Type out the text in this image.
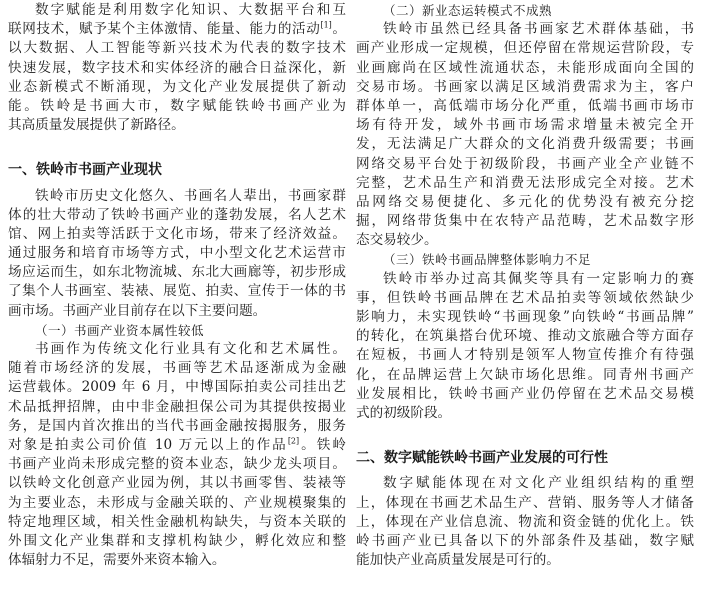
数字赋能是利用数字化知识、大数据平台和互
联网技术，赋予某个主体激情、能量、能力的活动[1]。
以大数据、人工智能等新兴技术为代表的数字技术
快速发展，数字技术和实体经济的融合日益深化，新
业态新模式不断涌现，为文化产业发展提供了新动
能。铁岭是书画大市，数字赋能铁岭书画产业为
其高质量发展提供了新路径。
一、铁岭市书画产业现状
铁岭市历史文化悠久、书画名人辈出，书画家群
体的壮大带动了铁岭书画产业的蓬勃发展，名人艺术
馆、网上拍卖等活跃于文化市场，带来了经济效益。
通过服务和培育市场等方式，中小型文化艺术运营市
场应运而生，如东北物流城、东北大画廊等，初步形成
了集个人书画室、装裱、展览、拍卖、宣传于一体的书
画市场。书画产业目前存在以下主要问题。
（一）书画产业资本属性较低
书画作为传统文化行业具有文化和艺术属性。
随着市场经济的发展，书画等艺术品逐渐成为金融
运营载体。2009 年 6 月，中博国际拍卖公司挂出艺
术品抵押招牌，由中非金融担保公司为其提供按揭业
务，是国内首次推出的当代书画金融按揭服务，服务
对象是拍卖公司价值 10 万元以上的作品[2]。铁岭
书画产业尚未形成完整的资本业态，缺少龙头项目。
以铁岭文化创意产业园为例，其以书画零售、装裱等
为主要业态，未形成与金融关联的、产业规模聚集的
特定地理区域，相关性金融机构缺失，与资本关联的
外围文化产业集群和支撑机构缺少，孵化效应和整
体辐射力不足，需要外来资本输入。
（二）新业态运转模式不成熟
铁岭市虽然已经具备书画家艺术群体基础，书
画产业形成一定规模，但还停留在常规运营阶段，专
业画廊尚在区域性流通状态，未能形成面向全国的
交易市场。书画家以满足区域消费需求为主，客户
群体单一，高低端市场分化严重，低端书画市场市
场有待开发，域外书画市场需求增量未被完全开
发，无法满足广大群众的文化消费升级需要；书画
网络交易平台处于初级阶段，书画产业全产业链不
完整，艺术品生产和消费无法形成完全对接。艺术
品网络交易便捷化、多元化的优势没有被充分挖
掘，网络带货集中在农特产品范畴，艺术品数字形
态交易较少。
（三）铁岭书画品牌整体影响力不足
铁岭市举办过高其佩奖等具有一定影响力的赛
事，但铁岭书画品牌在艺术品拍卖等领域依然缺少
影响力，未实现铁岭“书画现象”向铁岭“书画品牌”
的转化，在筑巢搭台优环境、推动文旅融合等方面存
在短板，书画人才特别是领军人物宣传推介有待强
化，在品牌运营上欠缺市场化思维。同青州书画产
业发展相比，铁岭书画产业仍停留在艺术品交易模
式的初级阶段。
二、数字赋能铁岭书画产业发展的可行性
数字赋能体现在对文化产业组织结构的重塑
上，体现在书画艺术品生产、营销、服务等人才储备
上，体现在产业信息流、物流和资金链的优化上。铁
岭书画产业已具备以下的外部条件及基础，数字赋
能加快产业高质量发展是可行的。
